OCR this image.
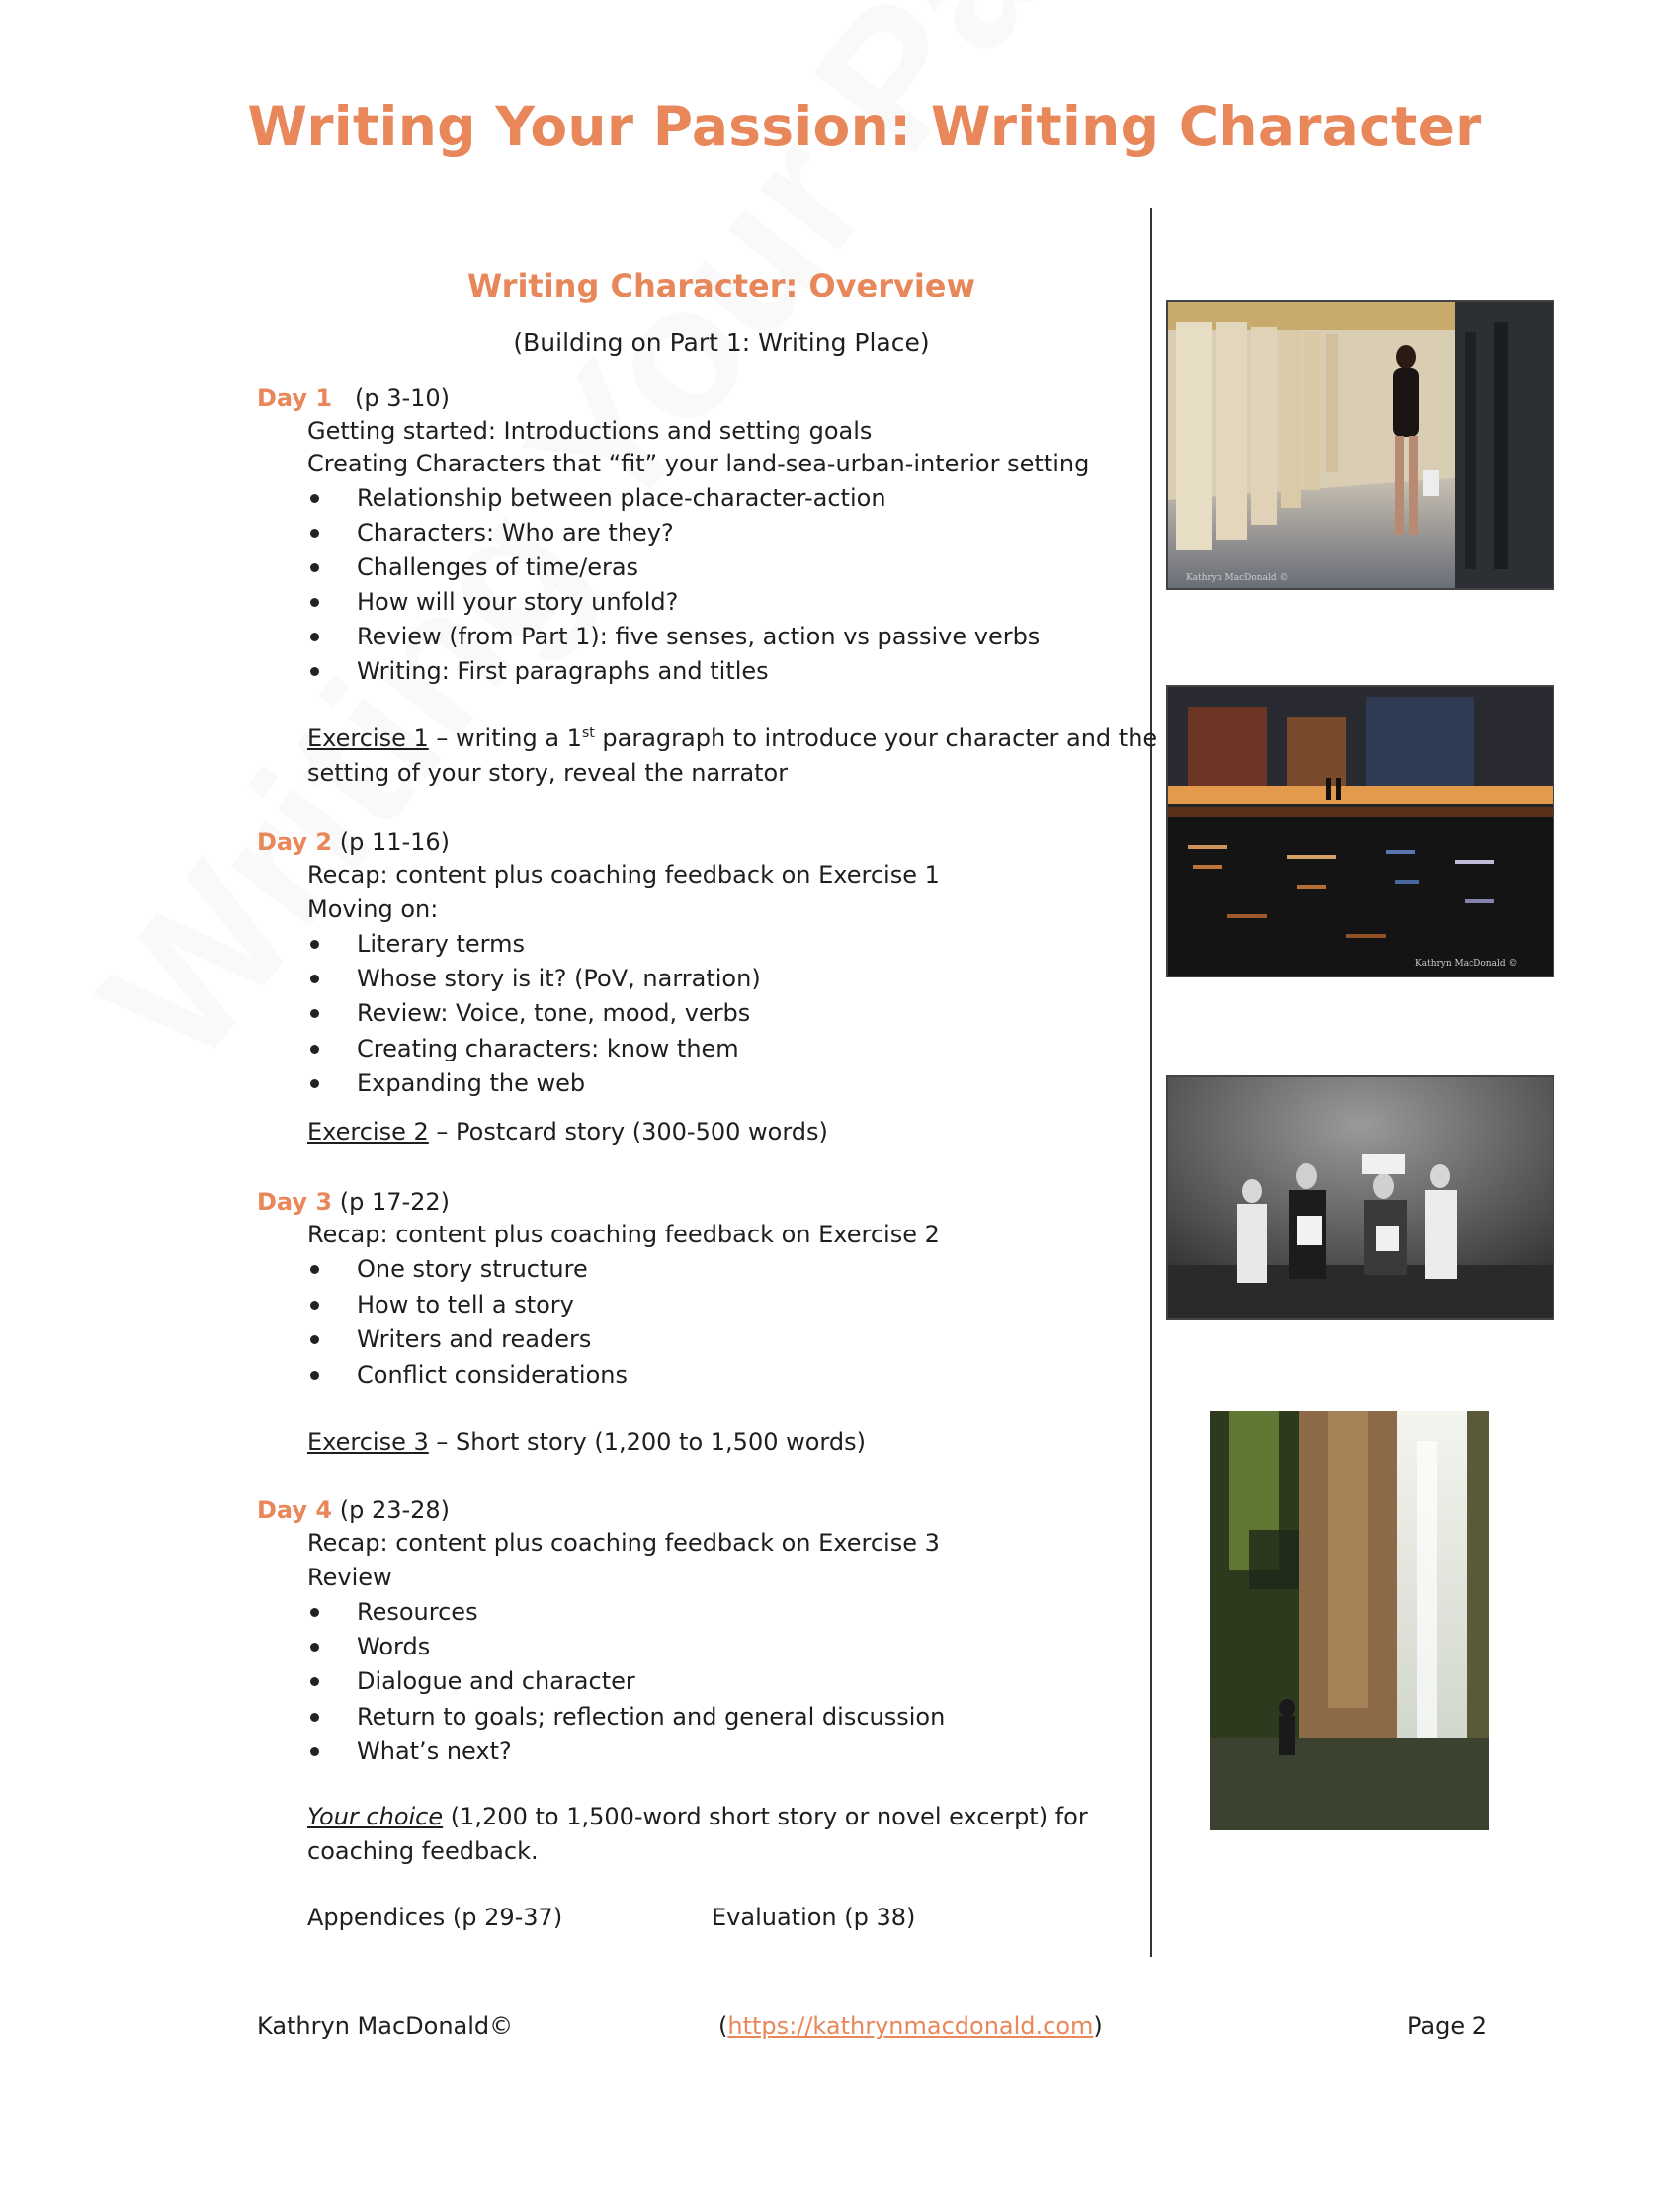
Writing Your Passion: Writing Character
Writing Character: Overview
(Building on Part 1: Writing Place)
Day 1 (p 3-10)
Getting started: Introductions and setting goals
Creating Characters that “fit” your land-sea-urban-interior setting
Relationship between place-character-action
Characters: Who are they?
Challenges of time/eras
How will your story unfold?
Review (from Part 1): five senses, action vs passive verbs
Writing: First paragraphs and titles
Exercise 1 – writing a 1st paragraph to introduce your character and the
setting of your story, reveal the narrator
Day 2 (p 11-16)
Recap: content plus coaching feedback on Exercise 1
Moving on:
Literary terms
Whose story is it? (PoV, narration)
Review: Voice, tone, mood, verbs
Creating characters: know them
Expanding the web
Exercise 2 – Postcard story (300-500 words)
Day 3 (p 17-22)
Recap: content plus coaching feedback on Exercise 2
One story structure
How to tell a story
Writers and readers
Conflict considerations
Exercise 3 – Short story (1,200 to 1,500 words)
Day 4 (p 23-28)
Recap: content plus coaching feedback on Exercise 3
Review
Resources
Words
Dialogue and character
Return to goals; reflection and general discussion
What’s next?
Your choice (1,200 to 1,500-word short story or novel excerpt) for
coaching feedback.
Appendices (p 29-37)	Evaluation (p 38)
Kathryn MacDonald ©
Kathryn MacDonald ©
Kathryn MacDonald©	(https://kathrynmacdonald.com)	Page 2
